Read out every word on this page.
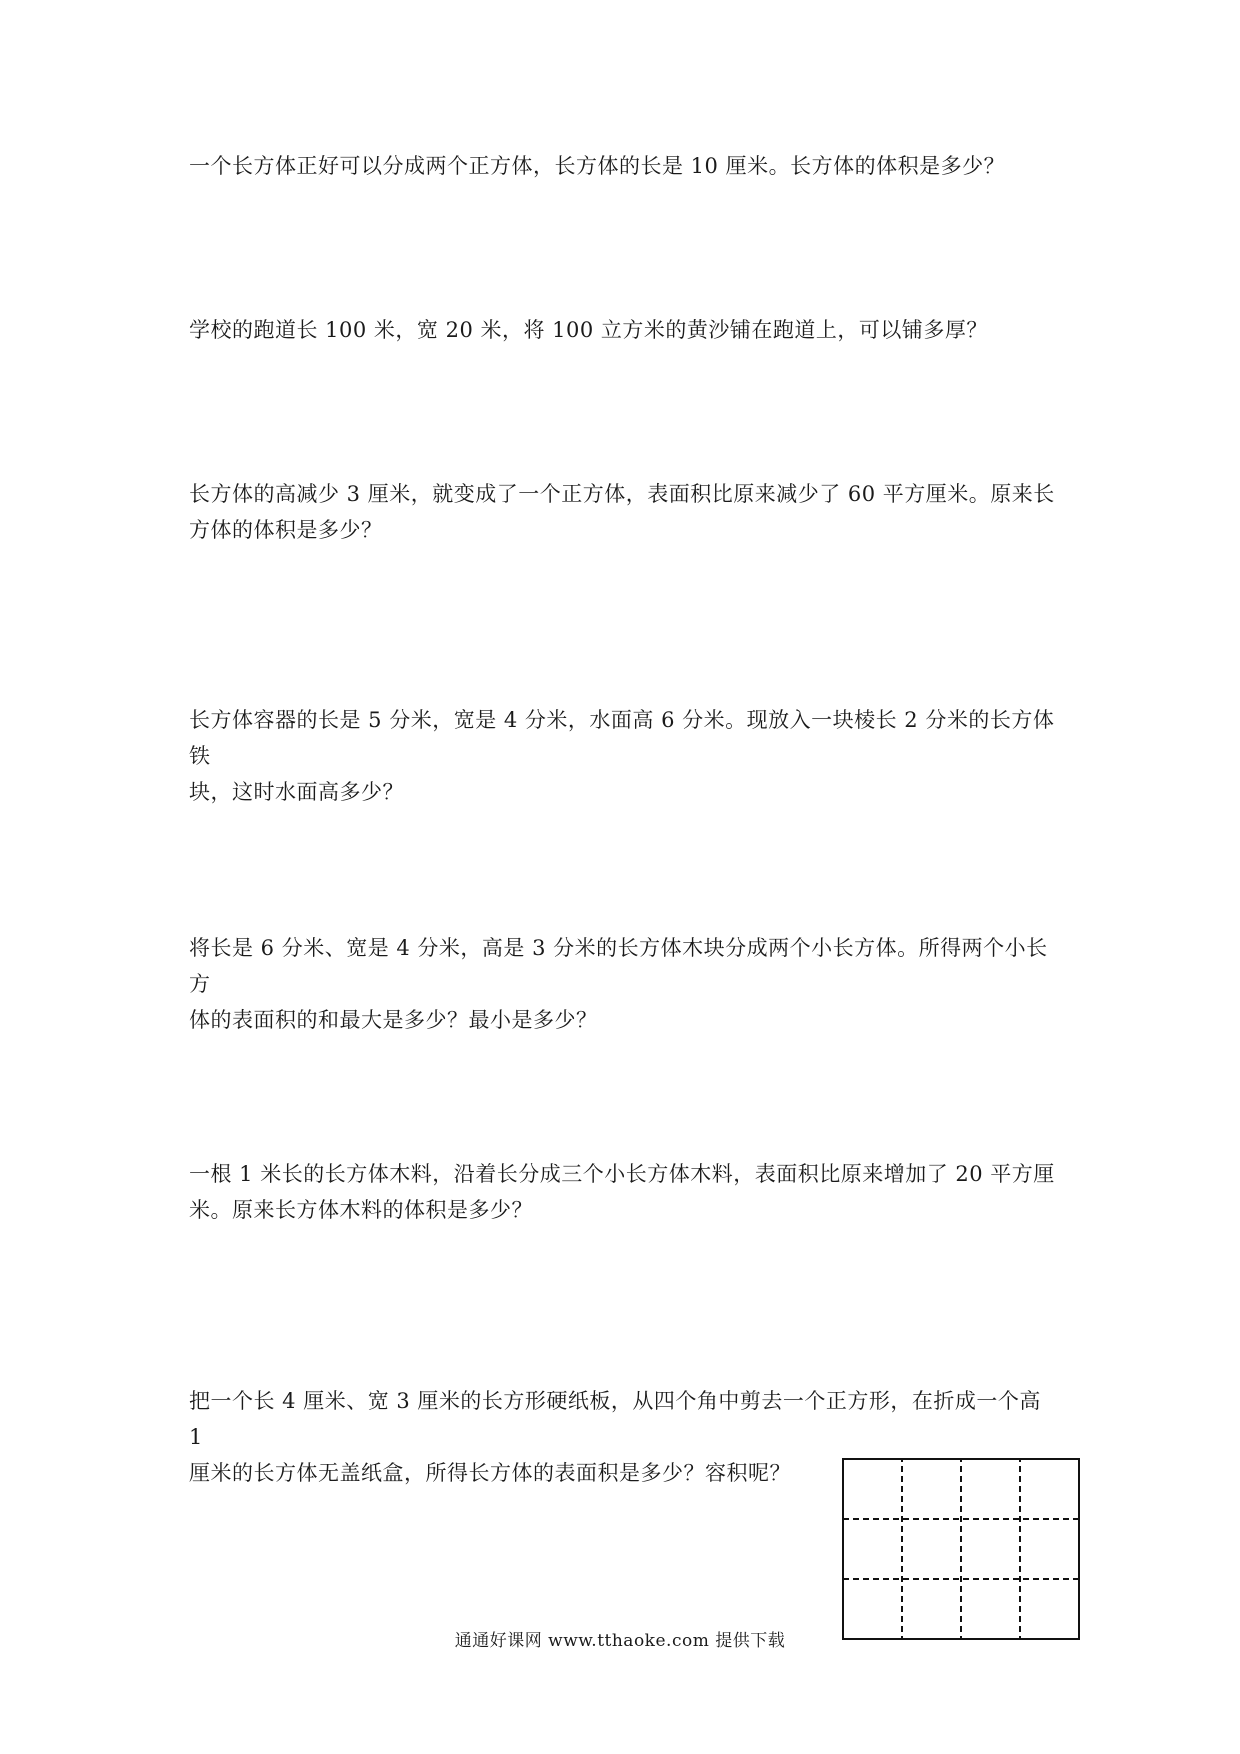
一个长方体正好可以分成两个正方体，长方体的长是 10 厘米。长方体的体积是多少？

学校的跑道长 100 米，宽 20 米，将 100 立方米的黄沙铺在跑道上，可以铺多厚？

长方体的高减少 3 厘米，就变成了一个正方体，表面积比原来减少了 60 平方厘米。原来长

方体的体积是多少？

长方体容器的长是 5 分米，宽是 4 分米，水面高 6 分米。现放入一块棱长 2 分米的长方体铁

块，这时水面高多少？

将长是 6 分米、宽是 4 分米，高是 3 分米的长方体木块分成两个小长方体。所得两个小长方

体的表面积的和最大是多少？最小是多少？

一根 1 米长的长方体木料，沿着长分成三个小长方体木料，表面积比原来增加了 20 平方厘

米。原来长方体木料的体积是多少？

把一个长 4 厘米、宽 3 厘米的长方形硬纸板，从四个角中剪去一个正方形，在折成一个高 1

厘米的长方体无盖纸盒，所得长方体的表面积是多少？容积呢？

通通好课网 www.tthaoke.com 提供下载
